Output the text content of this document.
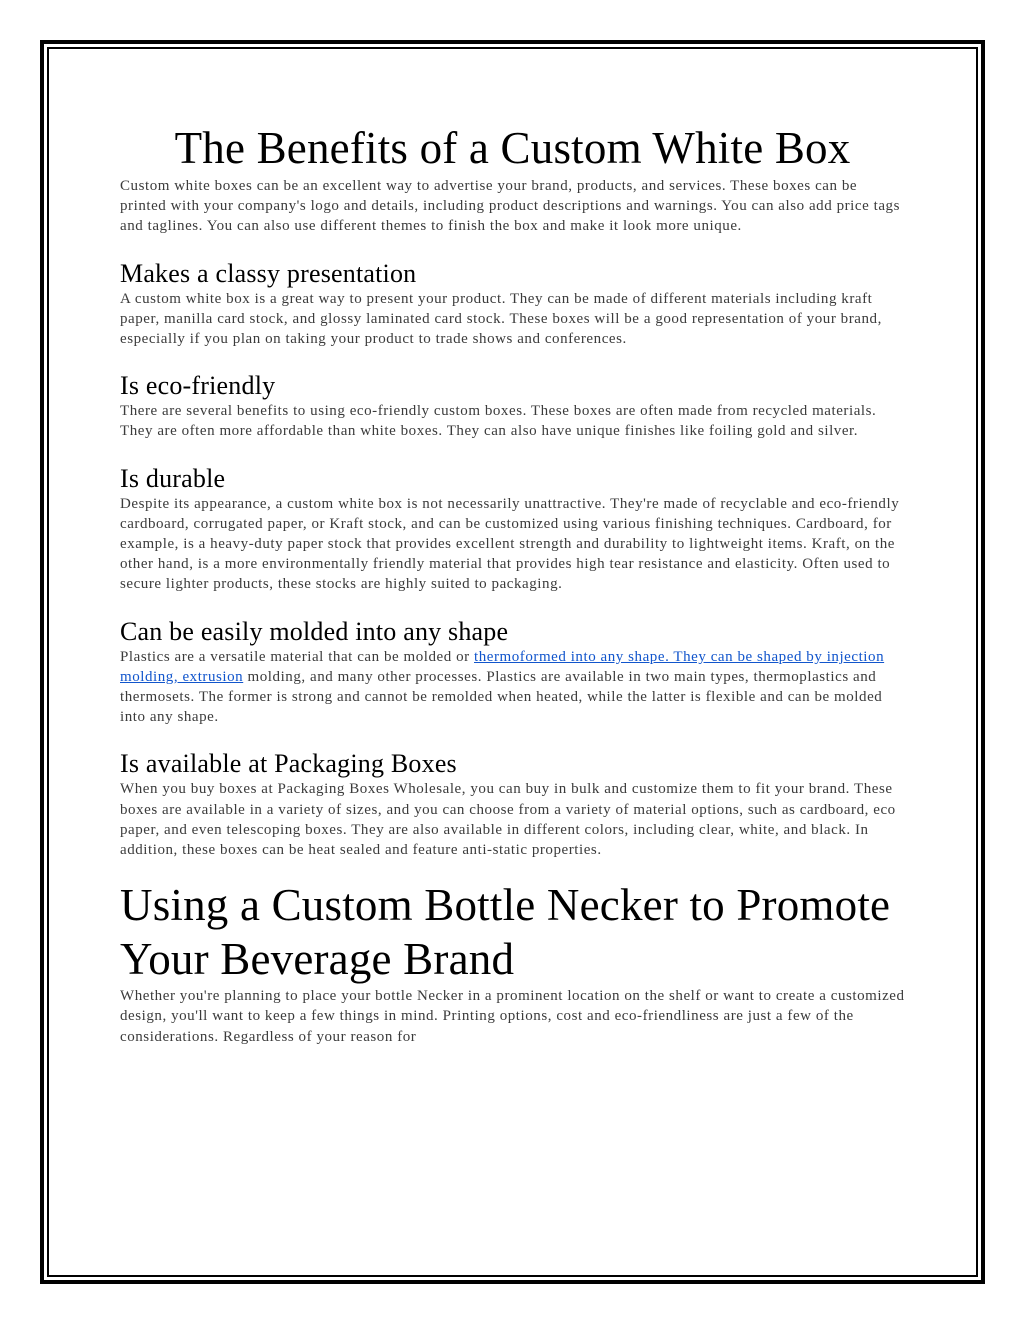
The Benefits of a Custom White Box

Custom white boxes can be an excellent way to advertise your brand, products, and services. These boxes can be printed with your company's logo and details, including product descriptions and warnings. You can also add price tags and taglines. You can also use different themes to finish the box and make it look more unique.

Makes a classy presentation

A custom white box is a great way to present your product. They can be made of different materials including kraft paper, manilla card stock, and glossy laminated card stock. These boxes will be a good representation of your brand, especially if you plan on taking your product to trade shows and conferences.

Is eco-friendly

There are several benefits to using eco-friendly custom boxes. These boxes are often made from recycled materials. They are often more affordable than white boxes. They can also have unique finishes like foiling gold and silver.

Is durable

Despite its appearance, a custom white box is not necessarily unattractive. They're made of recyclable and eco-friendly cardboard, corrugated paper, or Kraft stock, and can be customized using various finishing techniques. Cardboard, for example, is a heavy-duty paper stock that provides excellent strength and durability to lightweight items. Kraft, on the other hand, is a more environmentally friendly material that provides high tear resistance and elasticity. Often used to secure lighter products, these stocks are highly suited to packaging.

Can be easily molded into any shape

Plastics are a versatile material that can be molded or thermoformed into any shape. They can be shaped by injection molding, extrusion molding, and many other processes. Plastics are available in two main types, thermoplastics and thermosets. The former is strong and cannot be remolded when heated, while the latter is flexible and can be molded into any shape.

Is available at Packaging Boxes

When you buy boxes at Packaging Boxes Wholesale, you can buy in bulk and customize them to fit your brand. These boxes are available in a variety of sizes, and you can choose from a variety of material options, such as cardboard, eco paper, and even telescoping boxes. They are also available in different colors, including clear, white, and black. In addition, these boxes can be heat sealed and feature anti-static properties.

Using a Custom Bottle Necker to Promote Your Beverage Brand

Whether you're planning to place your bottle Necker in a prominent location on the shelf or want to create a customized design, you'll want to keep a few things in mind. Printing options, cost and eco-friendliness are just a few of the considerations. Regardless of your reason for
